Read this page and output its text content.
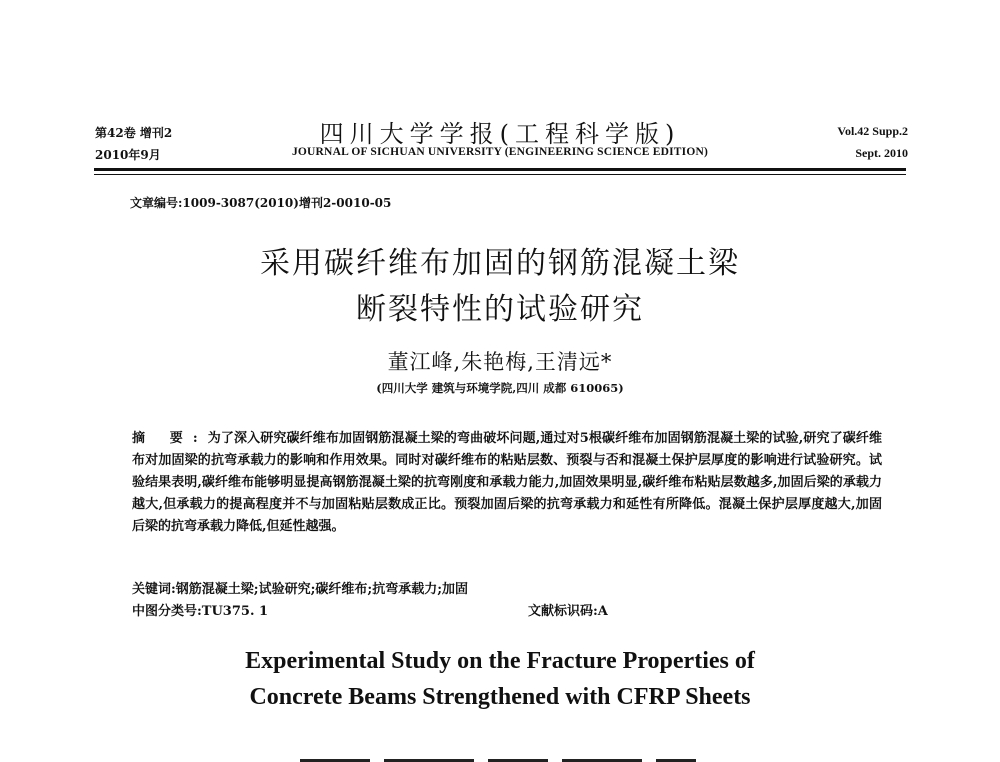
第42卷 增刊2
2010年9月
四川大学学报(工程科学版)
JOURNAL OF SICHUAN UNIVERSITY (ENGINEERING SCIENCE EDITION)
Vol.42 Supp.2
Sept. 2010
文章编号:1009-3087(2010)增刊2-0010-05
采用碳纤维布加固的钢筋混凝土梁
断裂特性的试验研究
董江峰,朱艳梅,王清远*
(四川大学 建筑与环境学院,四川 成都 610065)
摘 要:为了深入研究碳纤维布加固钢筋混凝土梁的弯曲破坏问题,通过对5根碳纤维布加固钢筋混凝土梁的试验,研究了碳纤维布对加固梁的抗弯承载力的影响和作用效果。同时对碳纤维布的粘贴层数、预裂与否和混凝土保护层厚度的影响进行试验研究。试验结果表明,碳纤维布能够明显提高钢筋混凝土梁的抗弯刚度和承载力能力,加固效果明显,碳纤维布粘贴层数越多,加固后梁的承载力越大,但承载力的提高程度并不与加固粘贴层数成正比。预裂加固后梁的抗弯承载力和延性有所降低。混凝土保护层厚度越大,加固后梁的抗弯承载力降低,但延性越强。
关键词:钢筋混凝土梁;试验研究;碳纤维布;抗弯承载力;加固
中图分类号:TU375. 1	文献标识码:A
Experimental Study on the Fracture Properties of
Concrete Beams Strengthened with CFRP Sheets
